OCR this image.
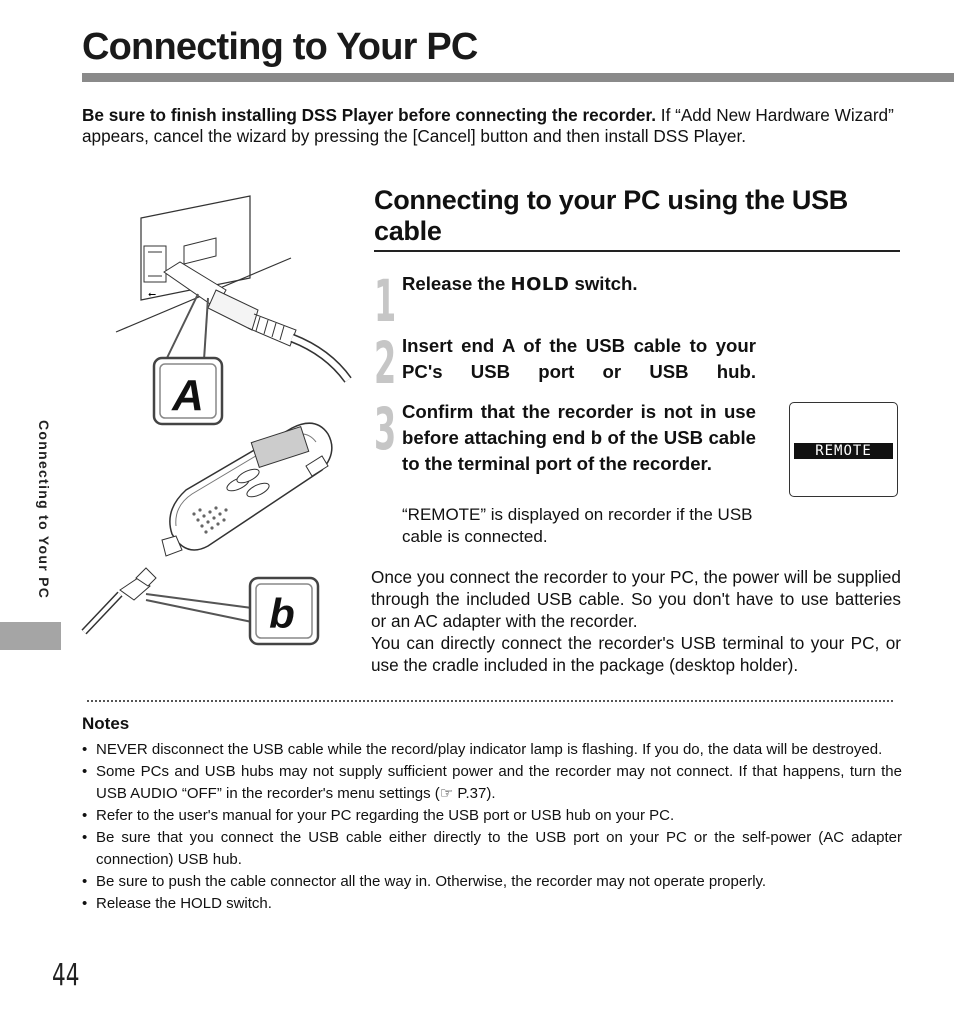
Connecting to Your PC
Be sure to finish installing DSS Player before connecting the recorder. If “Add New Hardware Wizard” appears, cancel the wizard by pressing the [Cancel] button and then install DSS Player.
Connecting to Your PC
⭠
A
b
Connecting to your PC using the USB cable
1 Release the HOLD switch.
2 Insert end A of the USB cable to your PC's USB port or USB hub.
3 Confirm that the recorder is not in use before attaching end b of the USB cable to the terminal port of the recorder.
“REMOTE” is displayed on recorder if the USB cable is connected.
REMOTE
Once you connect the recorder to your PC, the power will be supplied through the included USB cable. So you don't have to use batteries or an AC adapter with the recorder.
You can directly connect the recorder's USB terminal to your PC, or use the cradle included in the package (desktop holder).
Notes
• NEVER disconnect the USB cable while the record/play indicator lamp is flashing. If you do, the data will be destroyed.
• Some PCs and USB hubs may not supply sufficient power and the recorder may not connect. If that happens, turn the USB AUDIO “OFF” in the recorder's menu settings (☞ P.37).
• Refer to the user's manual for your PC regarding the USB port or USB hub on your PC.
• Be sure that you connect the USB cable either directly to the USB port on your PC or the self-power (AC adapter connection) USB hub.
• Be sure to push the cable connector all the way in. Otherwise, the recorder may not operate properly.
• Release the HOLD switch.
44
